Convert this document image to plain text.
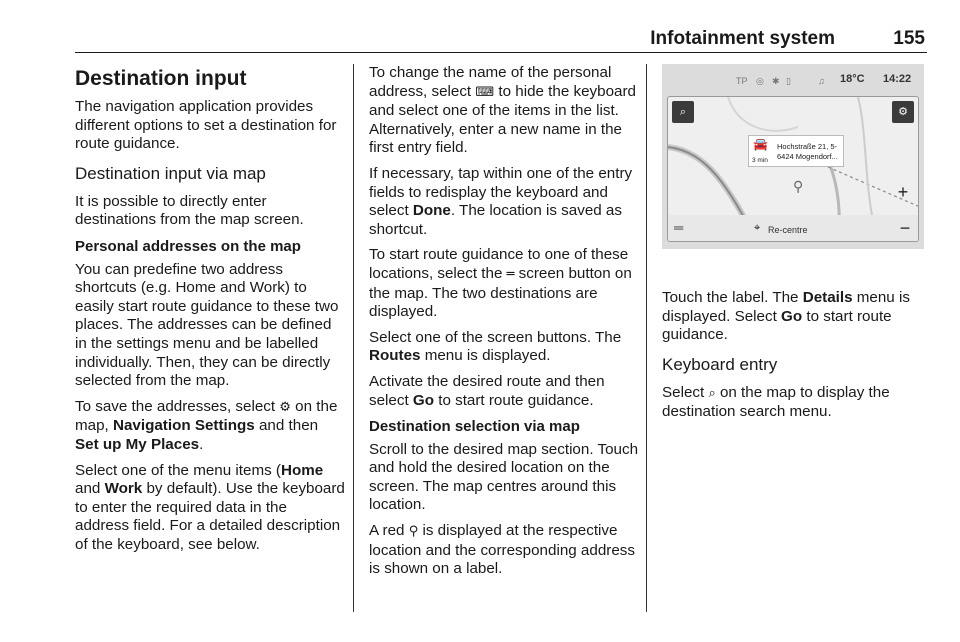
Infotainment system	155
Destination input

The navigation application provides different options to set a destination for route guidance.

Destination input via map

It is possible to directly enter destinations from the map screen.

Personal addresses on the map

You can predefine two address shortcuts (e.g. Home and Work) to easily start route guidance to these two places. The addresses can be defined in the settings menu and be labelled individually. Then, they can be directly selected from the map.

To save the addresses, select ⚙ on the map, Navigation Settings and then Set up My Places.

Select one of the menu items (Home and Work by default). Use the keyboard to enter the required data in the address field. For a detailed description of the keyboard, see below.

To change the name of the personal address, select ⌨ to hide the keyboard and select one of the items in the list. Alternatively, enter a new name in the first entry field.

If necessary, tap within one of the entry fields to redisplay the keyboard and select Done. The location is saved as shortcut.

To start route guidance to one of these locations, select the ═ screen button on the map. The two destinations are displayed.

Select one of the screen buttons. The Routes menu is displayed.

Activate the desired route and then select Go to start route guidance.

Destination selection via map

Scroll to the desired map section. Touch and hold the desired location on the screen. The map centres around this location.

A red ⚲ is displayed at the respective location and the corresponding address is shown on a label.

TP ◎ ✱ ▯	♫ 18°C 14:22
⌕	⚙
🚘
3 min
Hochstraße 21, 5-
6424 Mogendorf...
⚲	+
═	⌖ Re-centre	−

Touch the label. The Details menu is displayed. Select Go to start route guidance.

Keyboard entry

Select ⌕ on the map to display the destination search menu.
